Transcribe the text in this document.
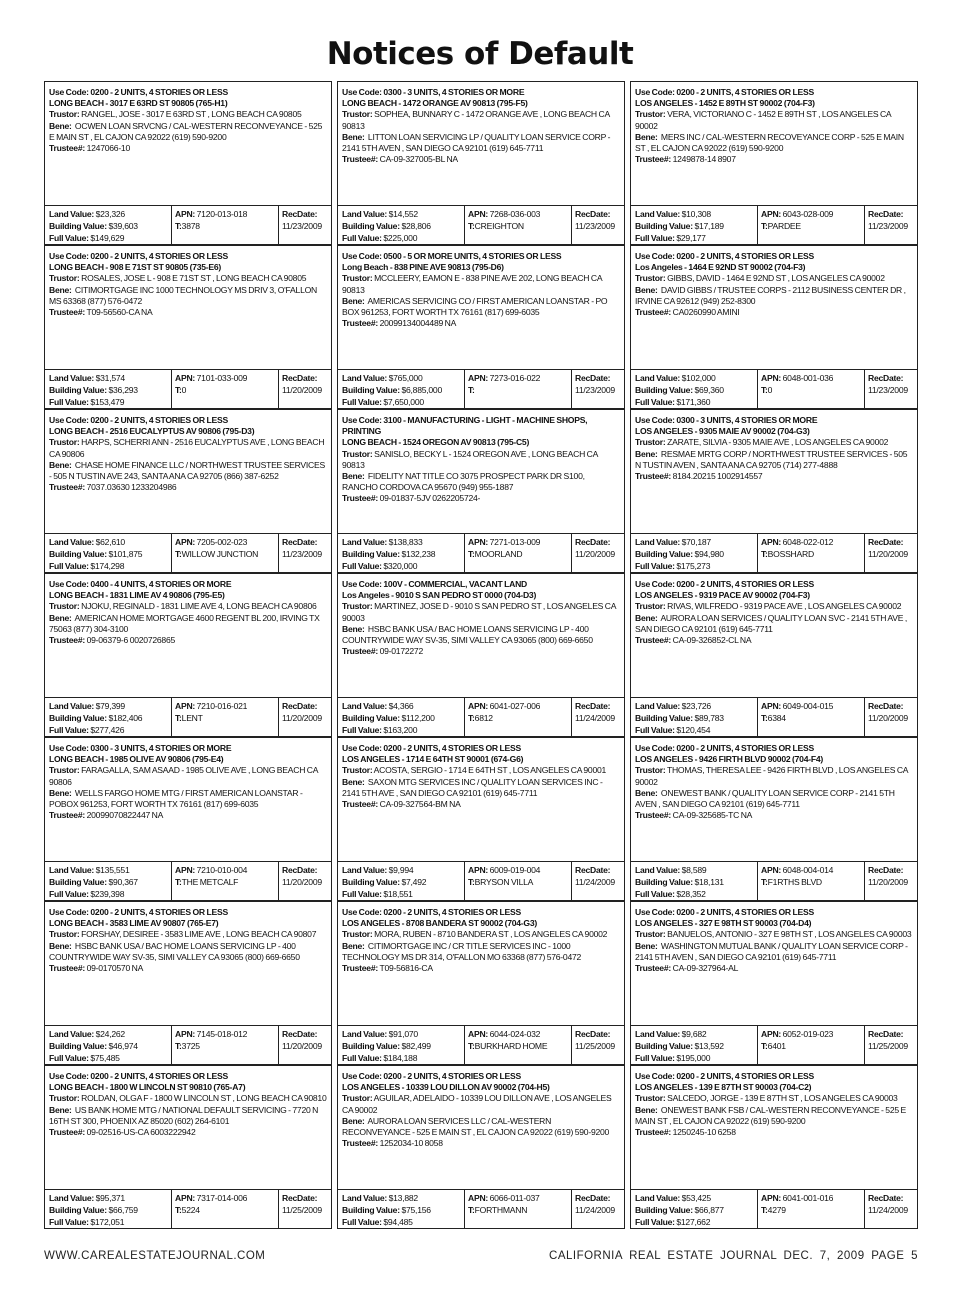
Notices of Default
Use Code: 0200 - 2 UNITS, 4 STORIES OR LESS
LONG BEACH - 3017 E 63RD ST 90805 (765-H1)
Trustor: RANGEL, JOSE - 3017 E 63RD ST , LONG BEACH CA 90805
Bene: OCWEN LOAN SRVCNG / CAL-WESTERN RECONVEYANCE - 525 E MAIN ST , EL CAJON CA 92022 (619) 590-9200
Trustee#: 1247066-10
Land Value: $23,326
Building Value: $39,603
Full Value: $149,629
APN: 7120-013-018
T:3878
RecDate:
11/23/2009
Use Code: 0300 - 3 UNITS, 4 STORIES OR MORE
LONG BEACH - 1472 ORANGE AV 90813 (795-F5)
Trustor: SOPHEA, BUNNARY C - 1472 ORANGE AVE , LONG BEACH CA 90813
Bene: LITTON LOAN SERVICING LP / QUALITY LOAN SERVICE CORP - 2141 5TH AVEN , SAN DIEGO CA 92101 (619) 645-7711
Trustee#: CA-09-327005-BL NA
Land Value: $14,552
Building Value: $28,806
Full Value: $225,000
APN: 7268-036-003
T:CREIGHTON
RecDate:
11/23/2009
Use Code: 0200 - 2 UNITS, 4 STORIES OR LESS
LOS ANGELES - 1452 E 89TH ST 90002 (704-F3)
Trustor: VERA, VICTORIANO C - 1452 E 89TH ST , LOS ANGELES CA 90002
Bene: MERS INC / CAL-WESTERN RECOVEYANCE CORP - 525 E MAIN ST , EL CAJON CA 92022 (619) 590-9200
Trustee#: 1249878-14 8907
Land Value: $10,308
Building Value: $17,189
Full Value: $29,177
APN: 6043-028-009
T:PARDEE
RecDate:
11/23/2009
Use Code: 0200 - 2 UNITS, 4 STORIES OR LESS
LONG BEACH - 908 E 71ST ST 90805 (735-E6)
Trustor: ROSALES, JOSE L - 908 E 71ST ST , LONG BEACH CA 90805
Bene: CITIMORTGAGE INC 1000 TECHNOLOGY MS DRIV 3, O'FALLON MS 63368 (877) 576-0472
Trustee#: T09-56560-CA NA
Land Value: $31,574
Building Value: $36,293
Full Value: $153,479
APN: 7101-033-009
T:0
RecDate:
11/20/2009
Use Code: 0500 - 5 OR MORE UNITS, 4 STORIES OR LESS
Long Beach - 838 PINE AVE 90813 (795-D6)
Trustor: MCCLEERY, EAMON E - 838 PINE AVE 202, LONG BEACH CA 90813
Bene: AMERICAS SERVICING CO / FIRST AMERICAN LOANSTAR - PO BOX 961253, FORT WORTH TX 76161 (817) 699-6035
Trustee#: 20099134004489 NA
Land Value: $765,000
Building Value: $6,885,000
Full Value: $7,650,000
APN: 7273-016-022
T:
RecDate:
11/23/2009
Use Code: 0200 - 2 UNITS, 4 STORIES OR LESS
Los Angeles - 1464 E 92ND ST 90002 (704-F3)
Trustor: GIBBS, DAVID - 1464 E 92ND ST , LOS ANGELES CA 90002
Bene: DAVID GIBBS / TRUSTEE CORPS - 2112 BUSINESS CENTER DR , IRVINE CA 92612 (949) 252-8300
Trustee#: CA0260990 AMINI
Land Value: $102,000
Building Value: $69,360
Full Value: $171,360
APN: 6048-001-036
T:0
RecDate:
11/23/2009
Use Code: 0200 - 2 UNITS, 4 STORIES OR LESS
LONG BEACH - 2516 EUCALYPTUS AV 90806 (795-D3)
Trustor: HARPS, SCHERRI ANN - 2516 EUCALYPTUS AVE , LONG BEACH CA 90806
Bene: CHASE HOME FINANCE LLC / NORTHWEST TRUSTEE SERVICES - 505 N TUSTIN AVE 243, SANTA ANA CA 92705 (866) 387-6252
Trustee#: 7037.03630 1233204986
Land Value: $62,610
Building Value: $101,875
Full Value: $174,298
APN: 7205-002-023
T:WILLOW JUNCTION
RecDate:
11/23/2009
Use Code: 3100 - MANUFACTURING - LIGHT - MACHINE SHOPS, PRINTING
LONG BEACH - 1524 OREGON AV 90813 (795-C5)
Trustor: SANISLO, BECKY L - 1524 OREGON AVE , LONG BEACH CA 90813
Bene: FIDELITY NAT TITLE CO 3075 PROSPECT PARK DR S100, RANCHO CORDOVA CA 95670 (949) 955-1887
Trustee#: 09-01837-5JV 0262205724-
Land Value: $138,833
Building Value: $132,238
Full Value: $320,000
APN: 7271-013-009
T:MOORLAND
RecDate:
11/20/2009
Use Code: 0300 - 3 UNITS, 4 STORIES OR MORE
LOS ANGELES - 9305 MAIE AV 90002 (704-G3)
Trustor: ZARATE, SILVIA - 9305 MAIE AVE , LOS ANGELES CA 90002
Bene: RESMAE MRTG CORP / NORTHWEST TRUSTEE SERVICES - 505 N TUSTIN AVEN , SANTA ANA CA 92705 (714) 277-4888
Trustee#: 8184.20215 1002914557
Land Value: $70,187
Building Value: $94,980
Full Value: $175,273
APN: 6048-022-012
T:BOSSHARD
RecDate:
11/20/2009
Use Code: 0400 - 4 UNITS, 4 STORIES OR MORE
LONG BEACH - 1831 LIME AV 4 90806 (795-E5)
Trustor: NJOKU, REGINALD - 1831 LIME AVE 4, LONG BEACH CA 90806
Bene: AMERICAN HOME MORTGAGE 4600 REGENT BL 200, IRVING TX 75063 (877) 304-3100
Trustee#: 09-06379-6 0020726865
Land Value: $79,399
Building Value: $182,406
Full Value: $277,426
APN: 7210-016-021
T:LENT
RecDate:
11/20/2009
Use Code: 100V - COMMERCIAL, VACANT LAND
Los Angeles - 9010 S SAN PEDRO ST 0000 (704-D3)
Trustor: MARTINEZ, JOSE D - 9010 S SAN PEDRO ST , LOS ANGELES CA 90003
Bene: HSBC BANK USA / BAC HOME LOANS SERVICING LP - 400 COUNTRYWIDE WAY SV-35, SIMI VALLEY CA 93065 (800) 669-6650
Trustee#: 09-0172272
Land Value: $4,366
Building Value: $112,200
Full Value: $163,200
APN: 6041-027-006
T:6812
RecDate:
11/24/2009
Use Code: 0200 - 2 UNITS, 4 STORIES OR LESS
LOS ANGELES - 9319 PACE AV 90002 (704-F3)
Trustor: RIVAS, WILFREDO - 9319 PACE AVE , LOS ANGELES CA 90002
Bene: AURORA LOAN SERVICES / QUALITY LOAN SVC - 2141 5TH AVE , SAN DIEGO CA 92101 (619) 645-7711
Trustee#: CA-09-326852-CL NA
Land Value: $23,726
Building Value: $89,783
Full Value: $120,454
APN: 6049-004-015
T:6384
RecDate:
11/20/2009
Use Code: 0300 - 3 UNITS, 4 STORIES OR MORE
LONG BEACH - 1985 OLIVE AV 90806 (795-E4)
Trustor: FARAGALLA, SAM ASAAD - 1985 OLIVE AVE , LONG BEACH CA 90806
Bene: WELLS FARGO HOME MTG / FIRST AMERICAN LOANSTAR - POBOX 961253, FORT WORTH TX 76161 (817) 699-6035
Trustee#: 20099070822447 NA
Land Value: $135,551
Building Value: $90,367
Full Value: $239,398
APN: 7210-010-004
T:THE METCALF
RecDate:
11/20/2009
Use Code: 0200 - 2 UNITS, 4 STORIES OR LESS
LOS ANGELES - 1714 E 64TH ST 90001 (674-G6)
Trustor: ACOSTA, SERGIO - 1714 E 64TH ST , LOS ANGELES CA 90001
Bene: SAXON MTG SERVICES INC / QUALITY LOAN SERVICES INC - 2141 5TH AVE , SAN DIEGO CA 92101 (619) 645-7711
Trustee#: CA-09-327564-BM NA
Land Value: $9,994
Building Value: $7,492
Full Value: $18,551
APN: 6009-019-004
T:BRYSON VILLA
RecDate:
11/24/2009
Use Code: 0200 - 2 UNITS, 4 STORIES OR LESS
LOS ANGELES - 9426 FIRTH BLVD 90002 (704-F4)
Trustor: THOMAS, THERESA LEE - 9426 FIRTH BLVD , LOS ANGELES CA 90002
Bene: ONEWEST BANK / QUALITY LOAN SERVICE CORP - 2141 5TH AVEN , SAN DIEGO CA 92101 (619) 645-7711
Trustee#: CA-09-325685-TC NA
Land Value: $8,589
Building Value: $18,131
Full Value: $28,352
APN: 6048-004-014
T:F1RTHS BLVD
RecDate:
11/20/2009
Use Code: 0200 - 2 UNITS, 4 STORIES OR LESS
LONG BEACH - 3583 LIME AV 90807 (765-E7)
Trustor: FORSHAY, DESIREE - 3583 LIME AVE , LONG BEACH CA 90807
Bene: HSBC BANK USA / BAC HOME LOANS SERVICING LP - 400 COUNTRYWIDE WAY SV-35, SIMI VALLEY CA 93065 (800) 669-6650
Trustee#: 09-0170570 NA
Land Value: $24,262
Building Value: $46,974
Full Value: $75,485
APN: 7145-018-012
T:3725
RecDate:
11/20/2009
Use Code: 0200 - 2 UNITS, 4 STORIES OR LESS
LOS ANGELES - 8708 BANDERA ST 90002 (704-G3)
Trustor: MORA, RUBEN - 8710 BANDERA ST , LOS ANGELES CA 90002
Bene: CITIMORTGAGE INC / CR TITLE SERVICES INC - 1000 TECHNOLOGY MS DR 314, O'FALLON MO 63368 (877) 576-0472
Trustee#: T09-56816-CA
Land Value: $91,070
Building Value: $82,499
Full Value: $184,188
APN: 6044-024-032
T:BURKHARD HOME
RecDate:
11/25/2009
Use Code: 0200 - 2 UNITS, 4 STORIES OR LESS
LOS ANGELES - 327 E 98TH ST 90003 (704-D4)
Trustor: BANUELOS, ANTONIO - 327 E 98TH ST , LOS ANGELES CA 90003
Bene: WASHINGTON MUTUAL BANK / QUALITY LOAN SERVICE CORP - 2141 5TH AVEN , SAN DIEGO CA 92101 (619) 645-7711
Trustee#: CA-09-327964-AL
Land Value: $9,682
Building Value: $13,592
Full Value: $195,000
APN: 6052-019-023
T:6401
RecDate:
11/25/2009
Use Code: 0200 - 2 UNITS, 4 STORIES OR LESS
LONG BEACH - 1800 W LINCOLN ST 90810 (765-A7)
Trustor: ROLDAN, OLGA F - 1800 W LINCOLN ST , LONG BEACH CA 90810
Bene: US BANK HOME MTG / NATIONAL DEFAULT SERVICING - 7720 N 16TH ST 300, PHOENIX AZ 85020 (602) 264-6101
Trustee#: 09-02516-US-CA 6003222942
Land Value: $95,371
Building Value: $66,759
Full Value: $172,051
APN: 7317-014-006
T:5224
RecDate:
11/25/2009
Use Code: 0200 - 2 UNITS, 4 STORIES OR LESS
LOS ANGELES - 10339 LOU DILLON AV 90002 (704-H5)
Trustor: AGUILAR, ADELAIDO - 10339 LOU DILLON AVE , LOS ANGELES CA 90002
Bene: AURORA LOAN SERVICES LLC / CAL-WESTERN RECONVEYANCE - 525 E MAIN ST , EL CAJON CA 92022 (619) 590-9200
Trustee#: 1252034-10 8058
Land Value: $13,882
Building Value: $75,156
Full Value: $94,485
APN: 6066-011-037
T:FORTHMANN
RecDate:
11/24/2009
Use Code: 0200 - 2 UNITS, 4 STORIES OR LESS
LOS ANGELES - 139 E 87TH ST 90003 (704-C2)
Trustor: SALCEDO, JORGE - 139 E 87TH ST , LOS ANGELES CA 90003
Bene: ONEWEST BANK FSB / CAL-WESTERN RECONVEYANCE - 525 E MAIN ST , EL CAJON CA 92022 (619) 590-9200
Trustee#: 1250245-10 6258
Land Value: $53,425
Building Value: $66,877
Full Value: $127,662
APN: 6041-001-016
T:4279
RecDate:
11/24/2009
WWW.CAREALESTATEJOURNAL.COM	CALIFORNIA REAL ESTATE JOURNAL DEC. 7, 2009 PAGE 5
